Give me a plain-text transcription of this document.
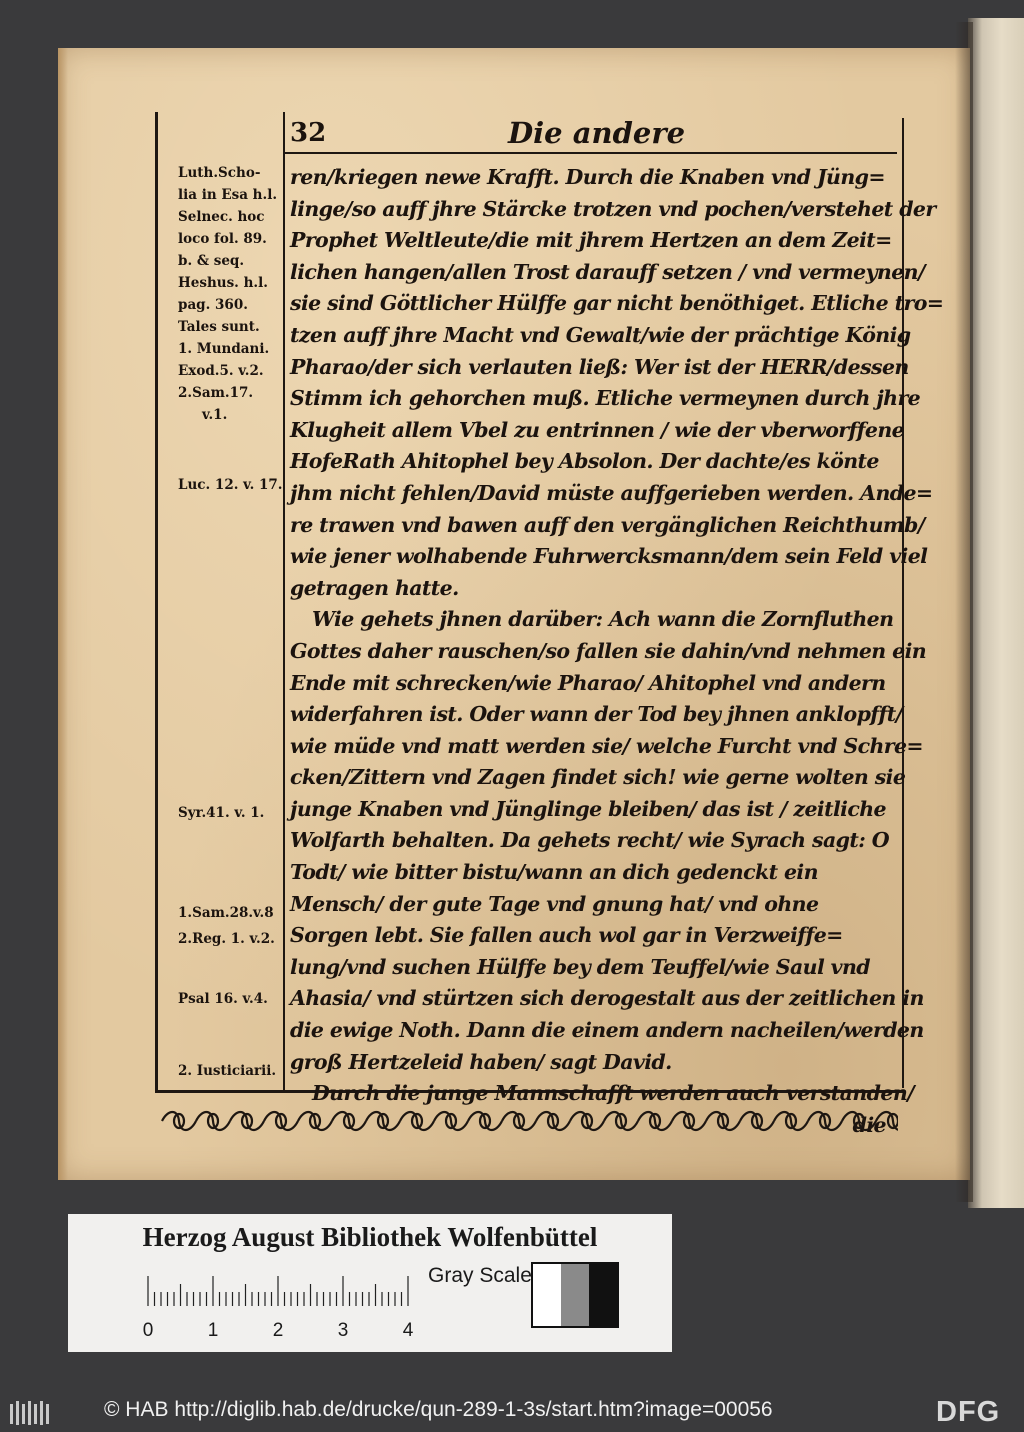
32	Die andere
Luth.Scho-
lia in Esa h.l.
Selnec. hoc
loco fol. 89.
b. & seq.
Heshus. h.l.
pag. 360.
Tales sunt.
1. Mundani.
Exod.5. v.2.
2.Sam.17.
v.1.
Luc. 12. v. 17.
Syr.41. v. 1.
1.Sam.28.v.8
2.Reg. 1. v.2.
Psal 16. v.4.
2. Iusticiarii.
ren/kriegen newe Krafft. Durch die Knaben vnd Jüng=
linge/so auff jhre Stärcke trotzen vnd pochen/verstehet der
Prophet Weltleute/die mit jhrem Hertzen an dem Zeit=
lichen hangen/allen Trost darauff setzen / vnd vermeynen/
sie sind Göttlicher Hülffe gar nicht benöthiget. Etliche tro=
tzen auff jhre Macht vnd Gewalt/wie der prächtige König
Pharao/der sich verlauten ließ: Wer ist der HERR/dessen
Stimm ich gehorchen muß. Etliche vermeynen durch jhre
Klugheit allem Vbel zu entrinnen / wie der vberworffene
HofeRath Ahitophel bey Absolon. Der dachte/es könte
jhm nicht fehlen/David müste auffgerieben werden. Ande=
re trawen vnd bawen auff den vergänglichen Reichthumb/
wie jener wolhabende Fuhrwercksmann/dem sein Feld viel
getragen hatte.
Wie gehets jhnen darüber: Ach wann die Zornfluthen
Gottes daher rauschen/so fallen sie dahin/vnd nehmen ein
Ende mit schrecken/wie Pharao/ Ahitophel vnd andern
widerfahren ist. Oder wann der Tod bey jhnen anklopfft/
wie müde vnd matt werden sie/ welche Furcht vnd Schre=
cken/Zittern vnd Zagen findet sich! wie gerne wolten sie
junge Knaben vnd Jünglinge bleiben/ das ist / zeitliche
Wolfarth behalten. Da gehets recht/ wie Syrach sagt: O
Todt/ wie bitter bistu/wann an dich gedenckt ein
Mensch/ der gute Tage vnd gnung hat/ vnd ohne
Sorgen lebt. Sie fallen auch wol gar in Verzweiffe=
lung/vnd suchen Hülffe bey dem Teuffel/wie Saul vnd
Ahasia/ vnd stürtzen sich derogestalt aus der zeitlichen in
die ewige Noth. Dann die einem andern nacheilen/werden
groß Hertzeleid haben/ sagt David.
Durch die junge Mannschafft werden auch verstanden/
die
Herzog August Bibliothek Wolfenbüttel
0	1	2	3	4
Gray Scale
© HAB http://diglib.hab.de/drucke/qun-289-1-3s/start.htm?image=00056	DFG
